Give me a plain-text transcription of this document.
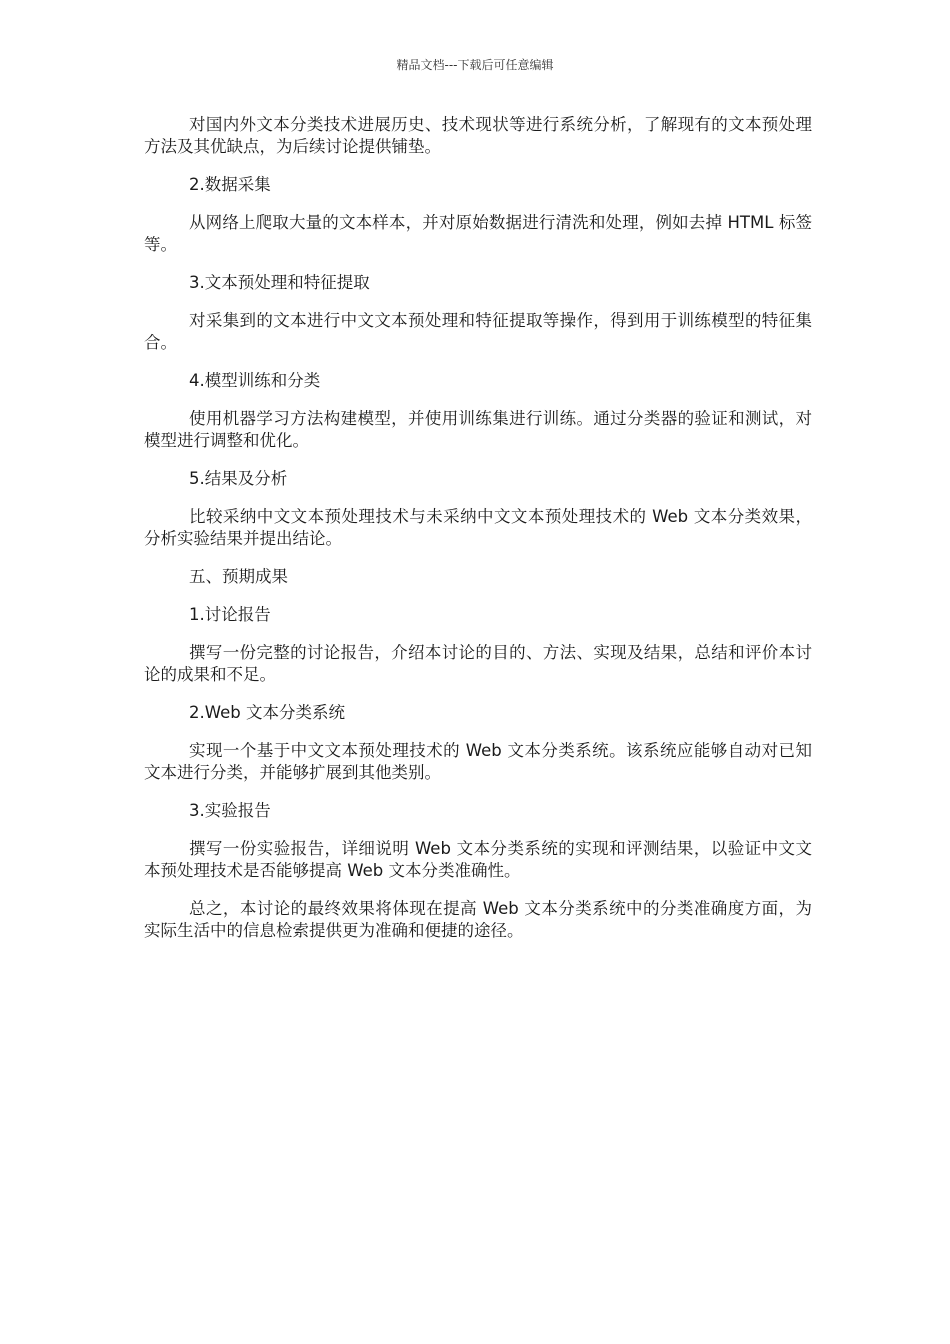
精品文档---下载后可任意编辑

对国内外文本分类技术进展历史、技术现状等进行系统分析，了解现有的文本预处理方法及其优缺点，为后续讨论提供铺垫。

2.数据采集

从网络上爬取大量的文本样本，并对原始数据进行清洗和处理，例如去掉 HTML 标签等。

3.文本预处理和特征提取

对采集到的文本进行中文文本预处理和特征提取等操作，得到用于训练模型的特征集合。

4.模型训练和分类

使用机器学习方法构建模型，并使用训练集进行训练。通过分类器的验证和测试，对模型进行调整和优化。

5.结果及分析

比较采纳中文文本预处理技术与未采纳中文文本预处理技术的 Web 文本分类效果，分析实验结果并提出结论。

五、预期成果

1.讨论报告

撰写一份完整的讨论报告，介绍本讨论的目的、方法、实现及结果，总结和评价本讨论的成果和不足。

2.Web 文本分类系统

实现一个基于中文文本预处理技术的 Web 文本分类系统。该系统应能够自动对已知文本进行分类，并能够扩展到其他类别。

3.实验报告

撰写一份实验报告，详细说明 Web 文本分类系统的实现和评测结果，以验证中文文本预处理技术是否能够提高 Web 文本分类准确性。

总之，本讨论的最终效果将体现在提高 Web 文本分类系统中的分类准确度方面，为实际生活中的信息检索提供更为准确和便捷的途径。
